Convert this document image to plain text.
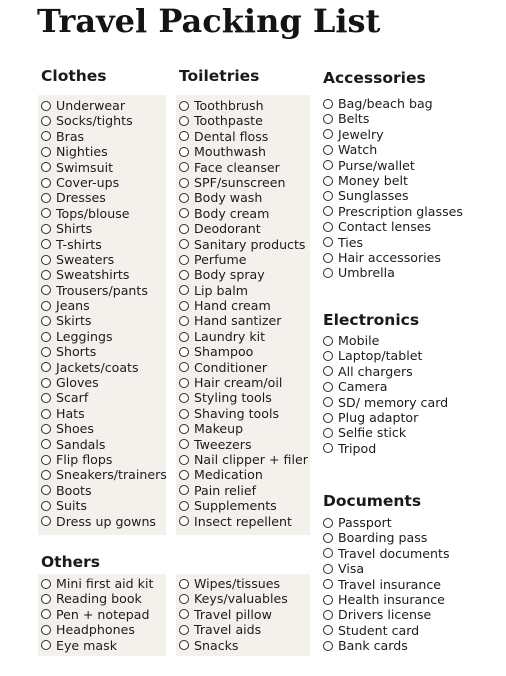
Travel Packing List
Clothes	Toiletries	Accessories
Electronics
Documents
Others
Underwear
Socks/tights
Bras
Nighties
Swimsuit
Cover-ups
Dresses
Tops/blouse
Shirts
T-shirts
Sweaters
Sweatshirts
Trousers/pants
Jeans
Skirts
Leggings
Shorts
Jackets/coats
Gloves
Scarf
Hats
Shoes
Sandals
Flip flops
Sneakers/trainers
Boots
Suits
Dress up gowns
Toothbrush
Toothpaste
Dental floss
Mouthwash
Face cleanser
SPF/sunscreen
Body wash
Body cream
Deodorant
Sanitary products
Perfume
Body spray
Lip balm
Hand cream
Hand santizer
Laundry kit
Shampoo
Conditioner
Hair cream/oil
Styling tools
Shaving tools
Makeup
Tweezers
Nail clipper + filer
Medication
Pain relief
Supplements
Insect repellent
Bag/beach bag
Belts
Jewelry
Watch
Purse/wallet
Money belt
Sunglasses
Prescription glasses
Contact lenses
Ties
Hair accessories
Umbrella
Mobile
Laptop/tablet
All chargers
Camera
SD/ memory card
Plug adaptor
Selfie stick
Tripod
Passport
Boarding pass
Travel documents
Visa
Travel insurance
Health insurance
Drivers license
Student card
Bank cards
Mini first aid kit
Reading book
Pen + notepad
Headphones
Eye mask
Wipes/tissues
Keys/valuables
Travel pillow
Travel aids
Snacks
